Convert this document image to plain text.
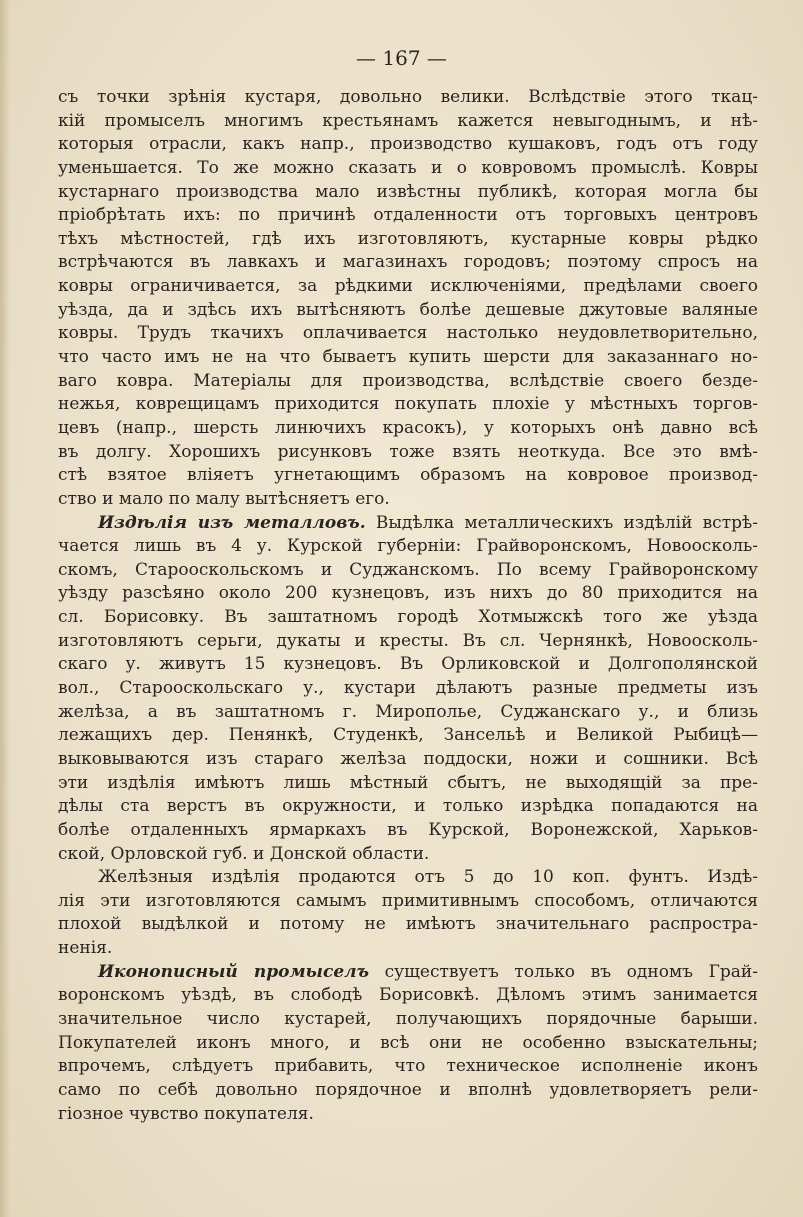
— 167 —
съ точки зрѣнія кустаря, довольно велики. Вслѣдствіе этого ткац-
кій промыселъ многимъ крестьянамъ кажется невыгоднымъ, и нѣ-
которыя отрасли, какъ напр., производство кушаковъ, годъ отъ году
уменьшается. То же можно сказать и о ковровомъ промыслѣ. Ковры
кустарнаго производства мало извѣстны публикѣ, которая могла бы
пріобрѣтать ихъ: по причинѣ отдаленности отъ торговыхъ центровъ
тѣхъ мѣстностей, гдѣ ихъ изготовляютъ, кустарные ковры рѣдко
встрѣчаются въ лавкахъ и магазинахъ городовъ; поэтому спросъ на
ковры ограничивается, за рѣдкими исключеніями, предѣлами своего
уѣзда, да и здѣсь ихъ вытѣсняютъ болѣе дешевые джутовые валяные
ковры. Трудъ ткачихъ оплачивается настолько неудовлетворительно,
что часто имъ не на что бываетъ купить шерсти для заказаннаго но-
ваго ковра. Матеріалы для производства, вслѣдствіе своего безде-
нежья, коврещицамъ приходится покупать плохіе у мѣстныхъ торгов-
цевъ (напр., шерсть линючихъ красокъ), у которыхъ онѣ давно всѣ
въ долгу. Хорошихъ рисунковъ тоже взять неоткуда. Все это вмѣ-
стѣ взятое вліяетъ угнетающимъ образомъ на ковровое производ-
ство и мало по малу вытѣсняетъ его.
Издѣлія изъ металловъ. Выдѣлка металлическихъ издѣлій встрѣ-
чается лишь въ 4 у. Курской губерніи: Грайворонскомъ, Новоосколь-
скомъ, Старооскольскомъ и Суджанскомъ. По всему Грайворонскому
уѣзду разсѣяно около 200 кузнецовъ, изъ нихъ до 80 приходится на
сл. Борисовку. Въ заштатномъ городѣ Хотмыжскѣ того же уѣзда
изготовляютъ серьги, дукаты и кресты. Въ сл. Чернянкѣ, Новоосколь-
скаго у. живутъ 15 кузнецовъ. Въ Орликовской и Долгополянской
вол., Старооскольскаго у., кустари дѣлаютъ разные предметы изъ
желѣза, а въ заштатномъ г. Мирополье, Суджанскаго у., и близь
лежащихъ дер. Пенянкѣ, Студенкѣ, Зансельѣ и Великой Рыбицѣ—
выковываются изъ стараго желѣза поддоски, ножи и сошники. Всѣ
эти издѣлія имѣютъ лишь мѣстный сбытъ, не выходящій за пре-
дѣлы ста верстъ въ окружности, и только изрѣдка попадаются на
болѣе отдаленныхъ ярмаркахъ въ Курской, Воронежской, Харьков-
ской, Орловской губ. и Донской области.
Желѣзныя издѣлія продаются отъ 5 до 10 коп. фунтъ. Издѣ-
лія эти изготовляются самымъ примитивнымъ способомъ, отличаются
плохой выдѣлкой и потому не имѣютъ значительнаго распростра-
ненія.
Иконописный промыселъ существуетъ только въ одномъ Грай-
воронскомъ уѣздѣ, въ слободѣ Борисовкѣ. Дѣломъ этимъ занимается
значительное число кустарей, получающихъ порядочные барыши.
Покупателей иконъ много, и всѣ они не особенно взыскательны;
впрочемъ, слѣдуетъ прибавить, что техническое исполненіе иконъ
само по себѣ довольно порядочное и вполнѣ удовлетворяетъ рели-
гіозное чувство покупателя.
